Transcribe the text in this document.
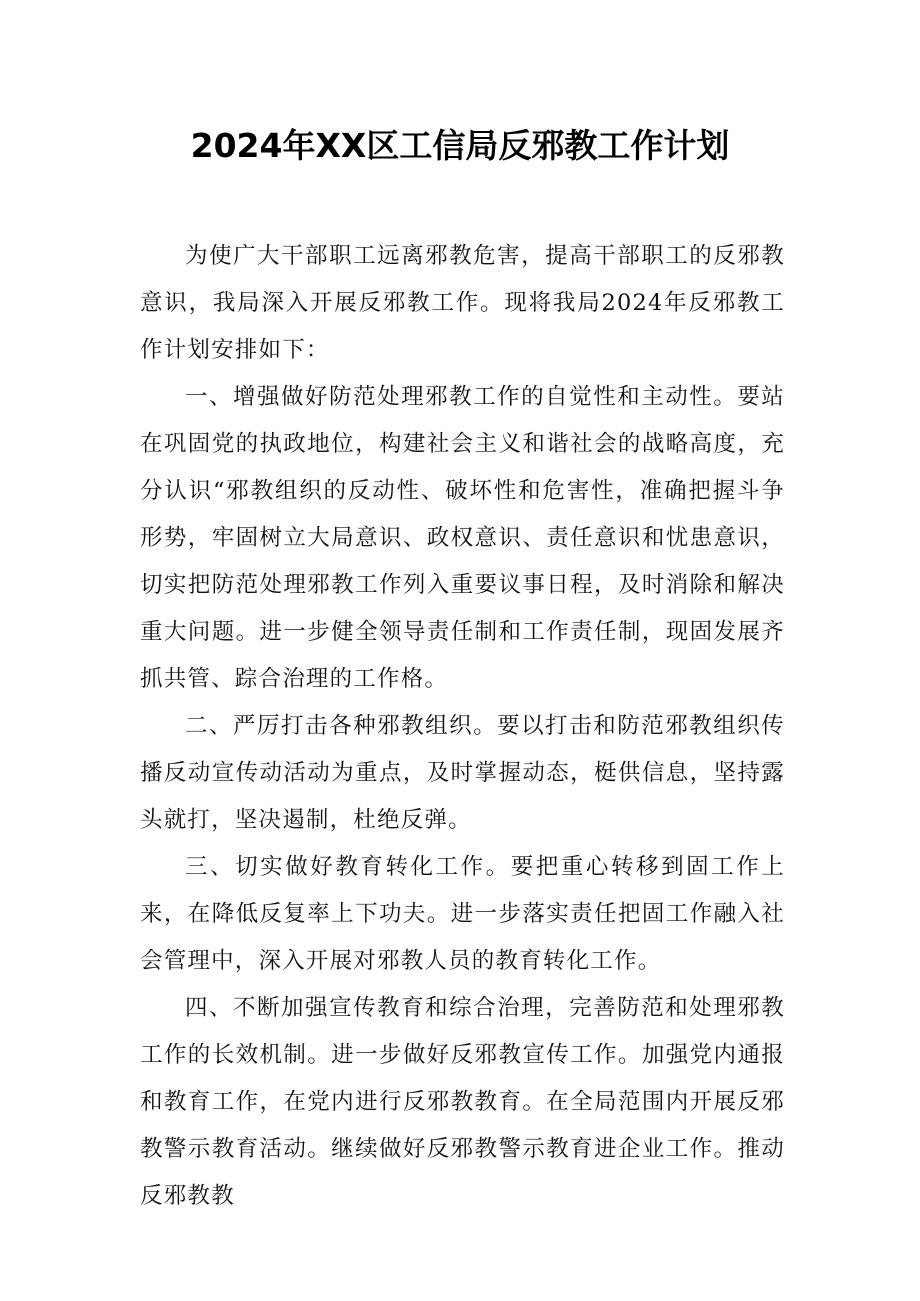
2024年XX区工信局反邪教工作计划

为使广大干部职工远离邪教危害，提高干部职工的反邪教意识，我局深入开展反邪教工作。现将我局2024年反邪教工作计划安排如下：

一、增强做好防范处理邪教工作的自觉性和主动性。要站在巩固党的执政地位，构建社会主义和谐社会的战略高度，充分认识“邪教组织的反动性、破坏性和危害性，准确把握斗争形势，牢固树立大局意识、政权意识、责任意识和忧患意识，切实把防范处理邪教工作列入重要议事日程，及时消除和解决重大问题。进一步健全领导责任制和工作责任制，现固发展齐抓共管、踪合治理的工作格。

二、严厉打击各种邪教组织。要以打击和防范邪教组织传播反动宣传动活动为重点，及时掌握动态，梃供信息，坚持露头就打，坚决遏制，杜绝反弹。

三、切实做好教育转化工作。要把重心转移到固工作上来，在降低反复率上下功夫。进一步落实责任把固工作融入社会管理中，深入开展对邪教人员的教育转化工作。

四、不断加强宣传教育和综合治理，完善防范和处理邪教工作的长效机制。进一步做好反邪教宣传工作。加强党内通报和教育工作，在党内进行反邪教教育。在全局范围内开展反邪教警示教育活动。继续做好反邪教警示教育进企业工作。推动反邪教教
